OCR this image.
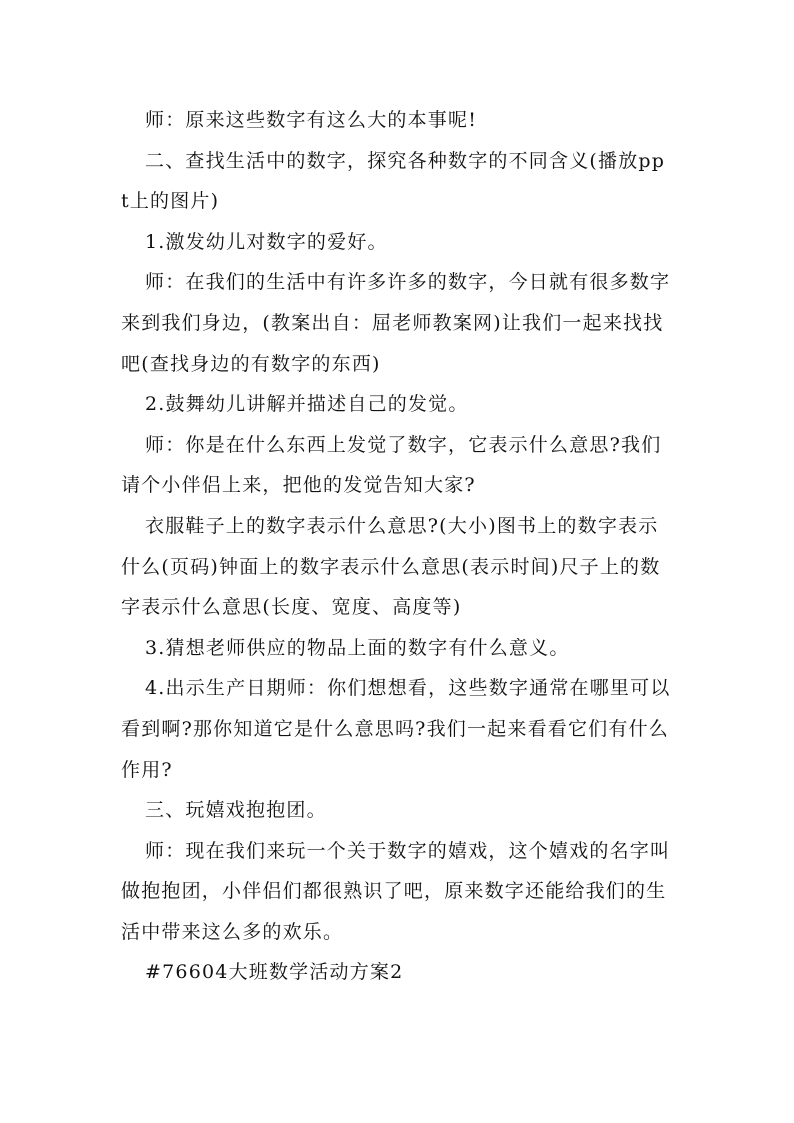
师：原来这些数字有这么大的本事呢!

二、查找生活中的数字，探究各种数字的不同含义(播放ppt上的图片)

1.激发幼儿对数字的爱好。

师：在我们的生活中有许多许多的数字，今日就有很多数字来到我们身边，(教案出自：屈老师教案网)让我们一起来找找吧(查找身边的有数字的东西)

2.鼓舞幼儿讲解并描述自己的发觉。

师：你是在什么东西上发觉了数字，它表示什么意思?我们请个小伴侣上来，把他的发觉告知大家?

衣服鞋子上的数字表示什么意思?(大小)图书上的数字表示什么(页码)钟面上的数字表示什么意思(表示时间)尺子上的数字表示什么意思(长度、宽度、高度等)

3.猜想老师供应的物品上面的数字有什么意义。

4.出示生产日期师：你们想想看，这些数字通常在哪里可以看到啊?那你知道它是什么意思吗?我们一起来看看它们有什么作用?

三、玩嬉戏抱抱团。

师：现在我们来玩一个关于数字的嬉戏，这个嬉戏的名字叫做抱抱团，小伴侣们都很熟识了吧，原来数字还能给我们的生活中带来这么多的欢乐。

#76604大班数学活动方案2
